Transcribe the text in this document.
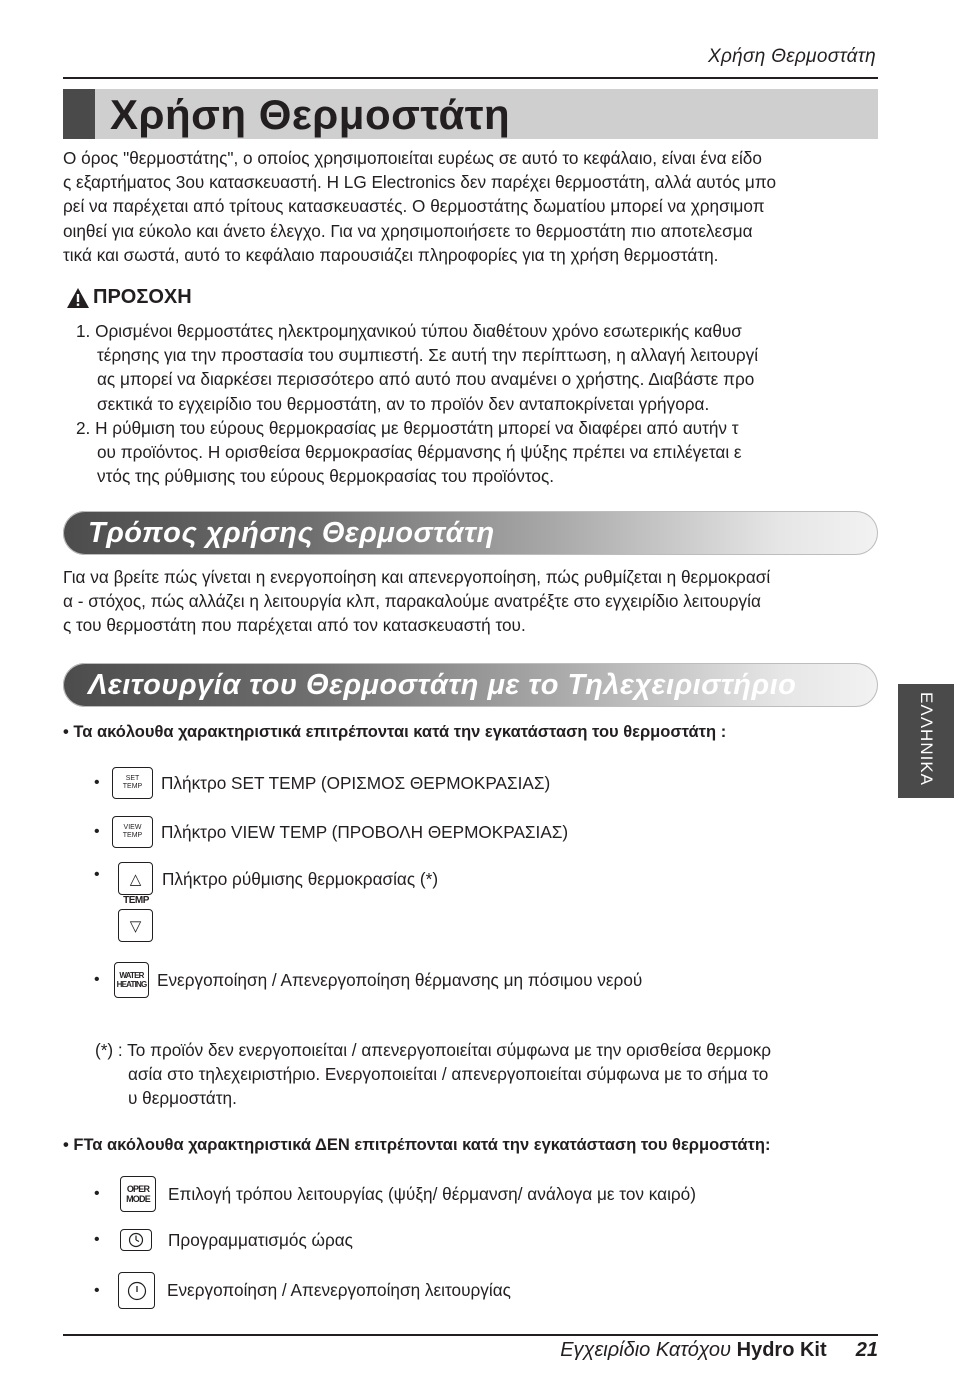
Χρήση Θερμοστάτη
Χρήση Θερμοστάτη
Ο όρος "θερμοστάτης", ο οποίος χρησιμοποιείται ευρέως σε αυτό το κεφάλαιο, είναι ένα είδο
ς εξαρτήματος 3ου κατασκευαστή. Η LG Electronics δεν παρέχει θερμοστάτη, αλλά αυτός μπο
ρεί να παρέχεται από τρίτους κατασκευαστές. Ο θερμοστάτης δωματίου μπορεί να χρησιμοπ
οιηθεί για εύκολο και άνετο έλεγχο. Για να χρησιμοποιήσετε το θερμοστάτη πιο αποτελεσμα
τικά και σωστά, αυτό το κεφάλαιο παρουσιάζει πληροφορίες για τη χρήση θερμοστάτη.
ΠΡΟΣΟΧΗ
1. Ορισμένοι θερμοστάτες ηλεκτρομηχανικού τύπου διαθέτουν χρόνο εσωτερικής καθυσ
τέρησης για την προστασία του συμπιεστή. Σε αυτή την περίπτωση, η αλλαγή λειτουργί
ας μπορεί να διαρκέσει περισσότερο από αυτό που αναμένει ο χρήστης. Διαβάστε προ
σεκτικά το εγχειρίδιο του θερμοστάτη, αν το προϊόν δεν ανταποκρίνεται γρήγορα.
2. Η ρύθμιση του εύρους θερμοκρασίας με θερμοστάτη μπορεί να διαφέρει από αυτήν τ
ου προϊόντος. Η ορισθείσα θερμοκρασίας θέρμανσης ή ψύξης πρέπει να επιλέγεται ε
ντός της ρύθμισης του εύρους θερμοκρασίας του προϊόντος.
Τρόπος χρήσης Θερμοστάτη
Για να βρείτε πώς γίνεται η ενεργοποίηση και απενεργοποίηση, πώς ρυθμίζεται η θερμοκρασί
α - στόχος, πώς αλλάζει η λειτουργία κλπ, παρακαλούμε ανατρέξτε στο εγχειρίδιο λειτουργία
ς του θερμοστάτη που παρέχεται από τον κατασκευαστή του.
Λειτουργία του Θερμοστάτη με το Τηλεχειριστήριο
• Τα ακόλουθα χαρακτηριστικά επιτρέπονται κατά την εγκατάσταση του θερμοστάτη :
•	SET
TEMP Πλήκτρο SET TEMP (ΟΡΙΣΜΟΣ ΘΕΡΜΟΚΡΑΣΙΑΣ)
•	VIEW
TEMP Πλήκτρο VIEW TEMP (ΠΡΟΒΟΛΗ ΘΕΡΜΟΚΡΑΣΙΑΣ)
•	△
TEMP
▽
Πλήκτρο ρύθμισης θερμοκρασίας (*)
•	WATER
HEATING Ενεργοποίηση / Απενεργοποίηση θέρμανσης μη πόσιμου νερού
(*) : Το προϊόν δεν ενεργοποιείται / απενεργοποιείται σύμφωνα με την ορισθείσα θερμοκρ
ασία στο τηλεχειριστήριο. Ενεργοποιείται / απενεργοποιείται σύμφωνα με το σήμα το
υ θερμοστάτη.
• FΤα ακόλουθα χαρακτηριστικά ΔΕΝ επιτρέπονται κατά την εγκατάσταση του θερμοστάτη:
•	OPER
MODE Επιλογή τρόπου λειτουργίας (ψύξη/ θέρμανση/ ανάλογα με τον καιρό)
•	Προγραμματισμός ώρας
•	Ενεργοποίηση / Απενεργοποίηση λειτουργίας
ΕΛΛΗΝΙΚΑ
Εγχειρίδιο Κατόχου Hydro Kit 21
